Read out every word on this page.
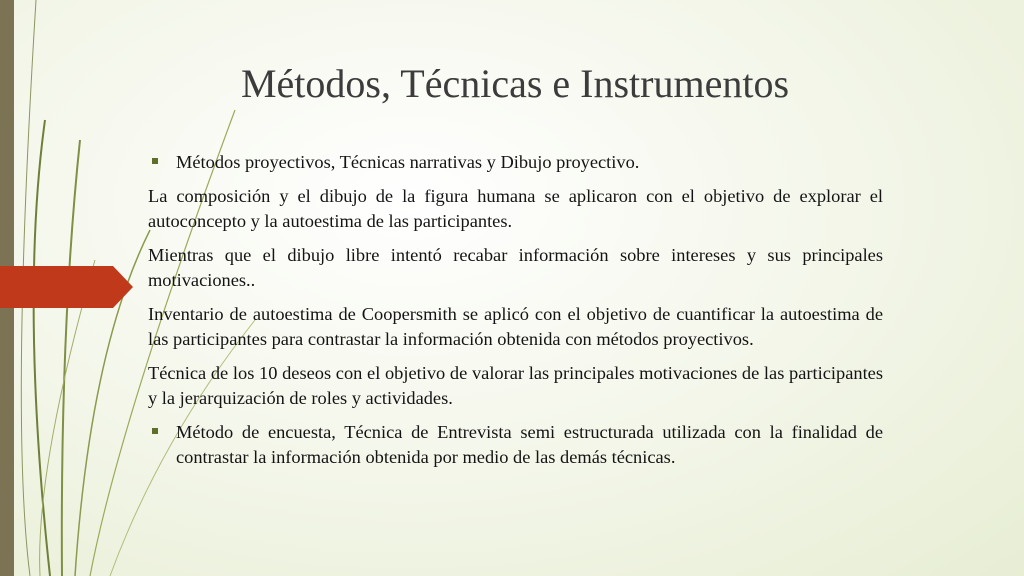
Métodos, Técnicas e Instrumentos
Métodos proyectivos, Técnicas narrativas y Dibujo proyectivo.

La composición y el dibujo de la figura humana se aplicaron con el objetivo de explorar el autoconcepto y la autoestima de las participantes.

Mientras que el dibujo libre intentó recabar información sobre intereses y sus principales motivaciones..

Inventario de autoestima de Coopersmith se aplicó con el objetivo de cuantificar la autoestima de las participantes para contrastar la información obtenida con métodos proyectivos.

Técnica de los 10 deseos con el objetivo de valorar las principales motivaciones de las participantes y la jerarquización de roles y actividades.

Método de encuesta, Técnica de Entrevista semi estructurada utilizada con la finalidad de contrastar la información obtenida por medio de las demás técnicas.
